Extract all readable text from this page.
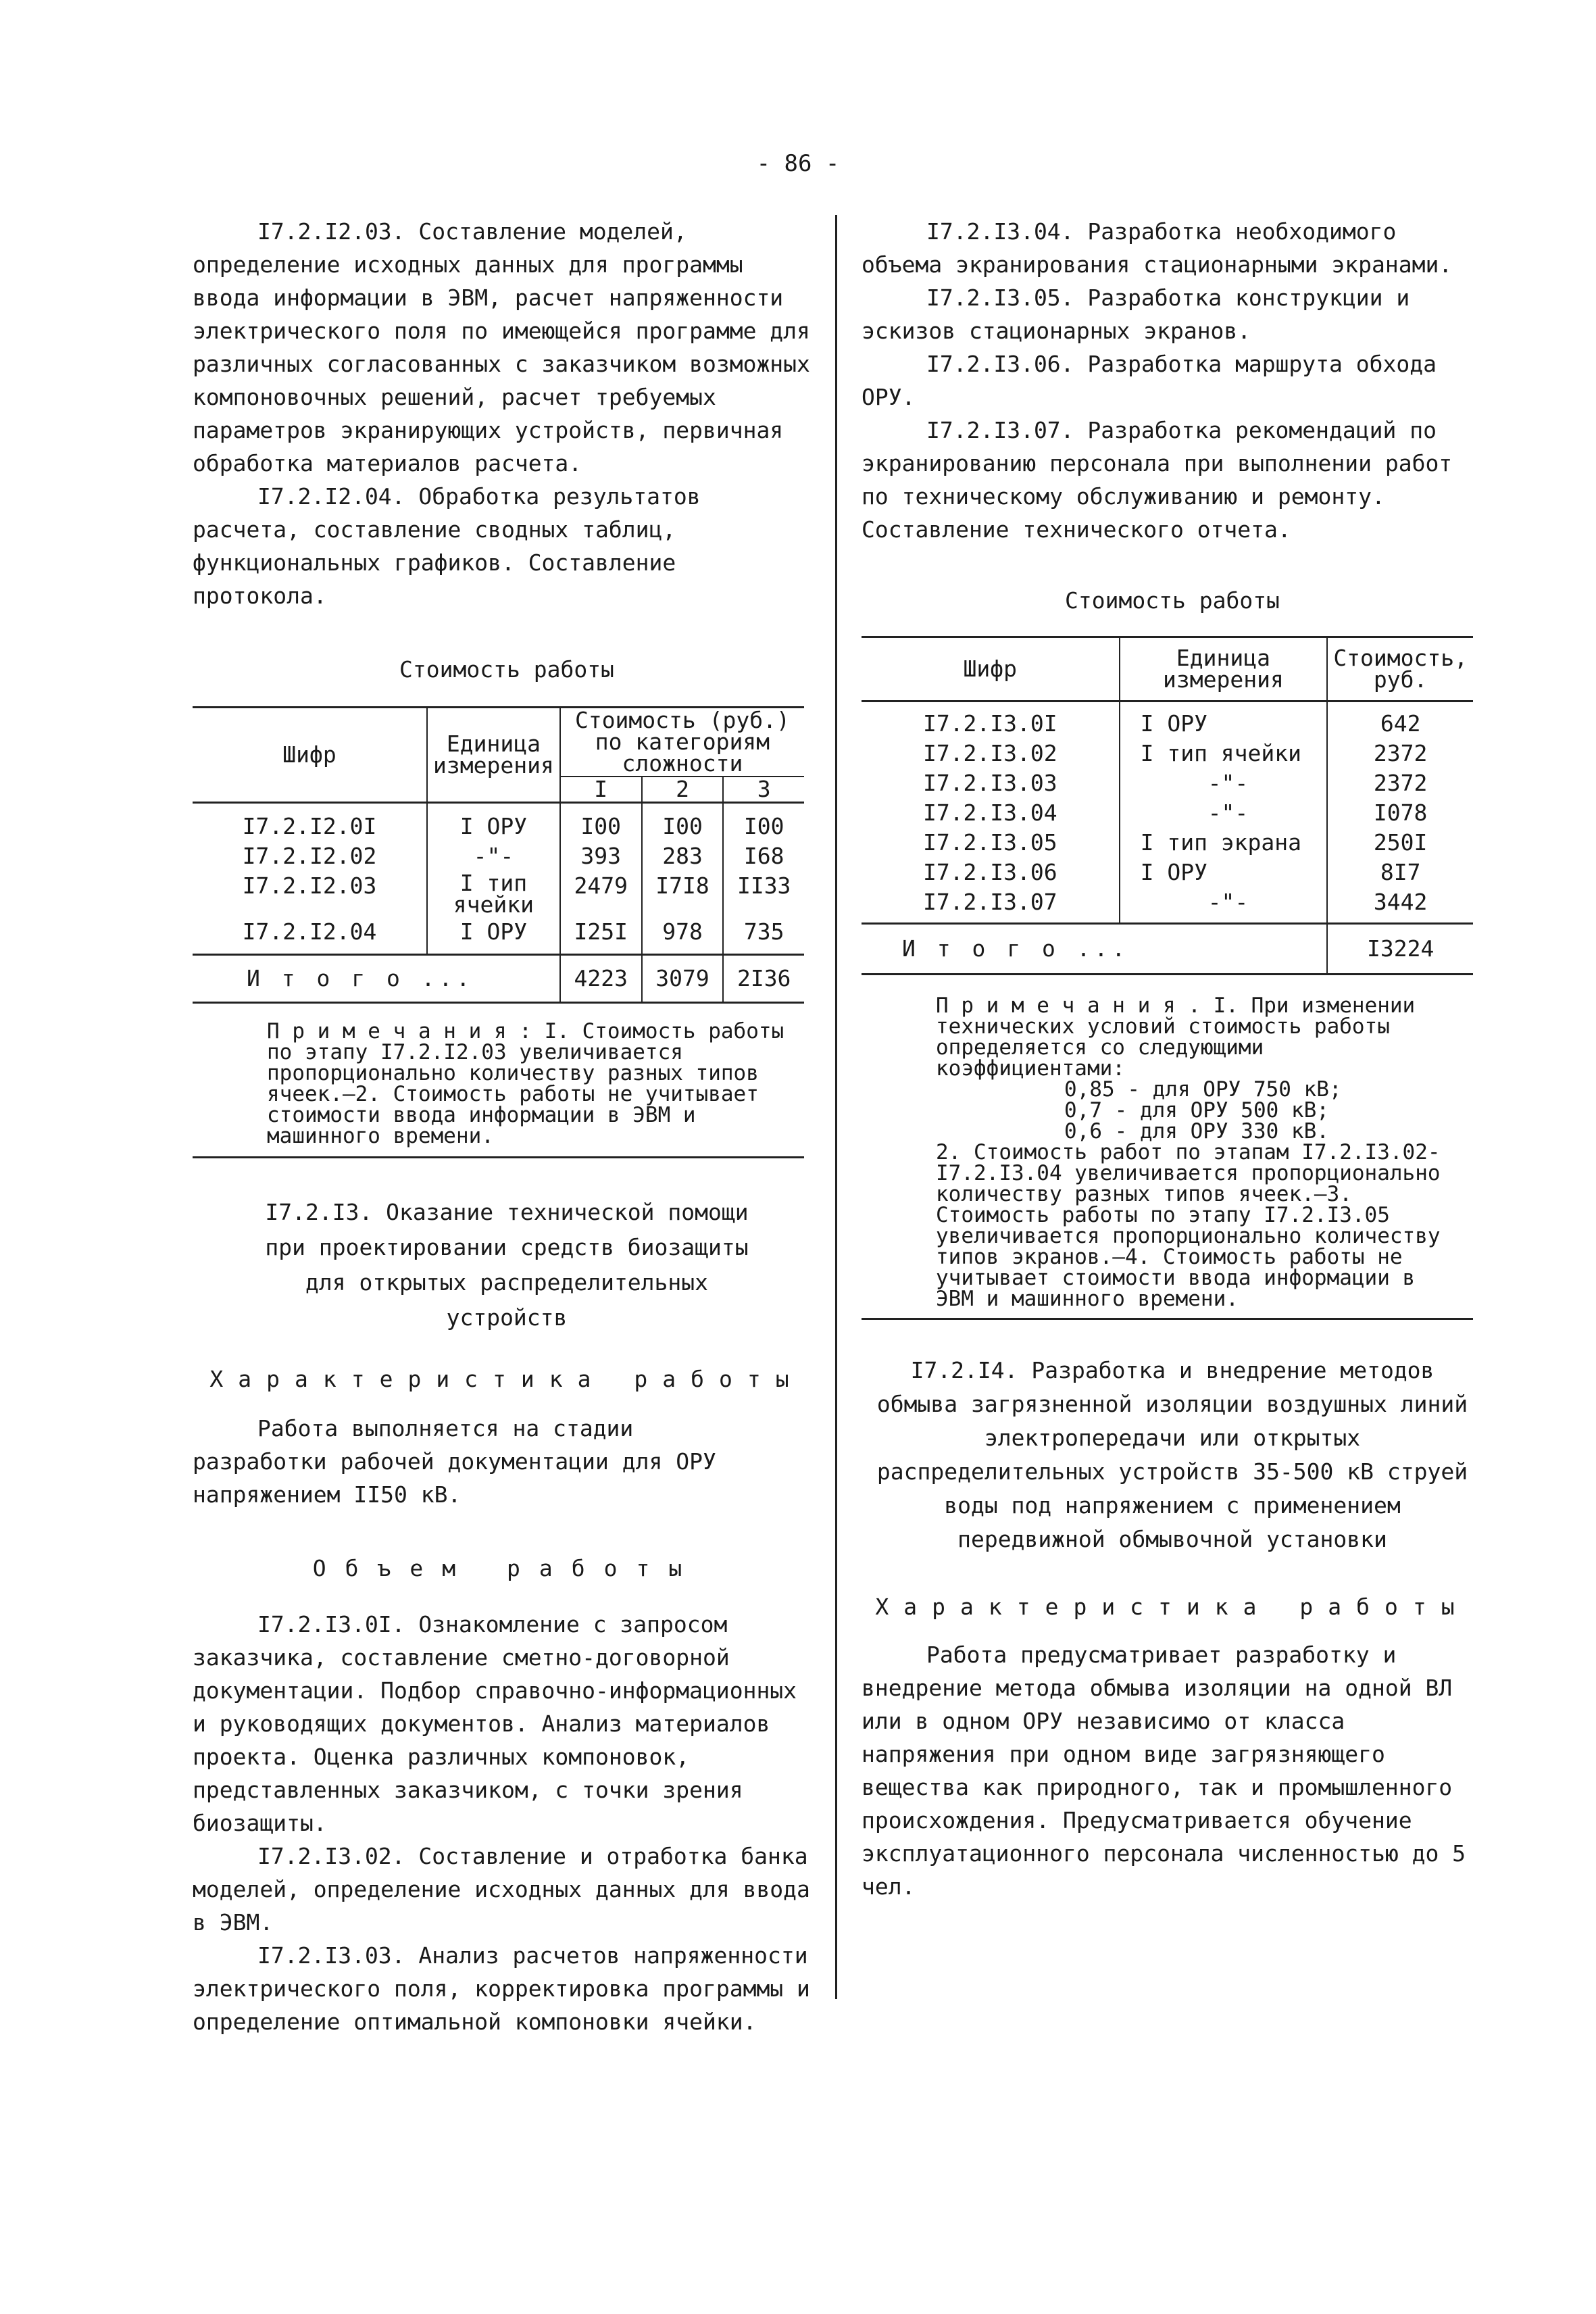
- 86 -

I7.2.I2.03. Составление моделей, определение исходных данных для программы ввода информации в ЭВМ, расчет напряженности электрического поля по имеющейся программе для различных согласованных с заказчиком возможных компоновочных решений, расчет требуемых параметров экранирующих устройств, первичная обработка материалов расчета.

I7.2.I2.04. Обработка результатов расчета, составление сводных таблиц, функциональных графиков. Составление протокола.

Стоимость работы

Шифр	Единица измерения	Стоимость (руб.) по категориям сложности		
		I	2	3
I7.2.I2.0I	I ОРУ	I00	I00	I00
I7.2.I2.02	-"-	393	283	I68
I7.2.I2.03	I тип ячейки	2479	I7I8	II33
I7.2.I2.04	I ОРУ	I25I	978	735
И т о г о ...		4223	3079	2I36
П р и м е ч а н и я : I. Стоимость работы по этапу I7.2.I2.03 увеличивается пропорционально количеству разных типов ячеек.–2. Стоимость работы не учитывает стоимости ввода информации в ЭВМ и машинного времени.

I7.2.I3. Оказание технической помощи при проектировании средств биозащиты для открытых распределительных устройств

Характеристика работы

Работа выполняется на стадии разработки рабочей документации для ОРУ напряжением II50 кВ.

Объем работы

I7.2.I3.0I. Ознакомление с запросом заказчика, составление сметно-договорной документации. Подбор справочно-информационных и руководящих документов. Анализ материалов проекта. Оценка различных компоновок, представленных заказчиком, с точки зрения биозащиты.

I7.2.I3.02. Составление и отработка банка моделей, определение исходных данных для ввода в ЭВМ.

I7.2.I3.03. Анализ расчетов напряженности электрического поля, корректировка программы и определение оптимальной компоновки ячейки.

I7.2.I3.04. Разработка необходимого объема экранирования стационарными экранами.

I7.2.I3.05. Разработка конструкции и эскизов стационарных экранов.

I7.2.I3.06. Разработка маршрута обхода ОРУ.

I7.2.I3.07. Разработка рекомендаций по экранированию персонала при выполнении работ по техническому обслуживанию и ремонту. Составление технического отчета.

Стоимость работы

Шифр	Единица измерения	Стоимость, руб.
I7.2.I3.0I	I ОРУ	642
I7.2.I3.02	I тип ячейки	2372
I7.2.I3.03	-"-	2372
I7.2.I3.04	-"-	I078
I7.2.I3.05	I тип экрана	250I
I7.2.I3.06	I ОРУ	8I7
I7.2.I3.07	-"-	3442
И т о г о ...		I3224
П р и м е ч а н и я . I. При изменении технических условий стоимость работы определяется со следующими коэффициентами:
0,85 - для ОРУ 750 кВ;
0,7 - для ОРУ 500 кВ;
0,6 - для ОРУ 330 кВ.
2. Стоимость работ по этапам I7.2.I3.02-I7.2.I3.04 увеличивается пропорционально количеству разных типов ячеек.–3. Стоимость работы по этапу I7.2.I3.05 увеличивается пропорционально количеству типов экранов.–4. Стоимость работы не учитывает стоимости ввода информации в ЭВМ и машинного времени.

I7.2.I4. Разработка и внедрение методов обмыва загрязненной изоляции воздушных линий электропередачи или открытых распределительных устройств 35-500 кВ струей воды под напряжением с применением передвижной обмывочной установки

Характеристика работы

Работа предусматривает разработку и внедрение метода обмыва изоляции на одной ВЛ или в одном ОРУ независимо от класса напряжения при одном виде загрязняющего вещества как природного, так и промышленного происхождения. Предусматривается обучение эксплуатационного персонала численностью до 5 чел.
